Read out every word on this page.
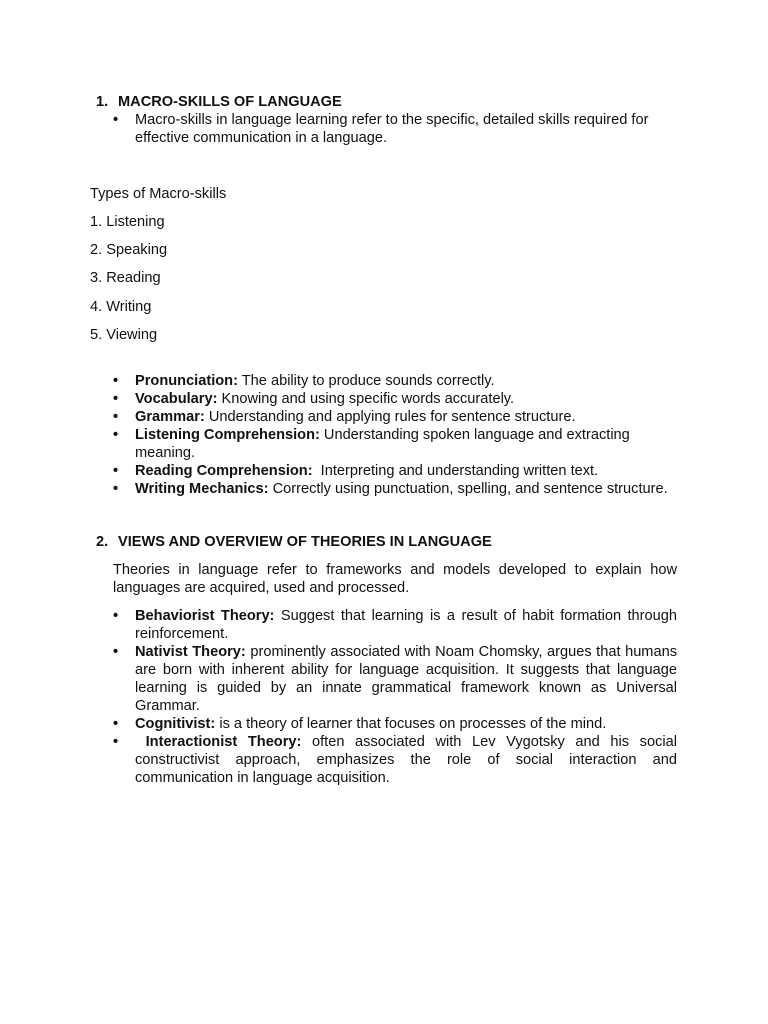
1. MACRO-SKILLS OF LANGUAGE
• Macro-skills in language learning refer to the specific, detailed skills required for effective communication in a language.
Types of Macro-skills
1. Listening
2. Speaking
3. Reading
4. Writing
5. Viewing
• Pronunciation: The ability to produce sounds correctly.
• Vocabulary: Knowing and using specific words accurately.
• Grammar: Understanding and applying rules for sentence structure.
• Listening Comprehension: Understanding spoken language and extracting meaning.
• Reading Comprehension:  Interpreting and understanding written text.
• Writing Mechanics: Correctly using punctuation, spelling, and sentence structure.
2. VIEWS AND OVERVIEW OF THEORIES IN LANGUAGE
Theories in language refer to frameworks and models developed to explain how languages are acquired, used and processed.
• Behaviorist Theory: Suggest that learning is a result of habit formation through reinforcement.
• Nativist Theory: prominently associated with Noam Chomsky, argues that humans are born with inherent ability for language acquisition. It suggests that language learning is guided by an innate grammatical framework known as Universal Grammar.
• Cognitivist: is a theory of learner that focuses on processes of the mind.
• Interactionist Theory: often associated with Lev Vygotsky and his social constructivist approach, emphasizes the role of social interaction and communication in language acquisition.
